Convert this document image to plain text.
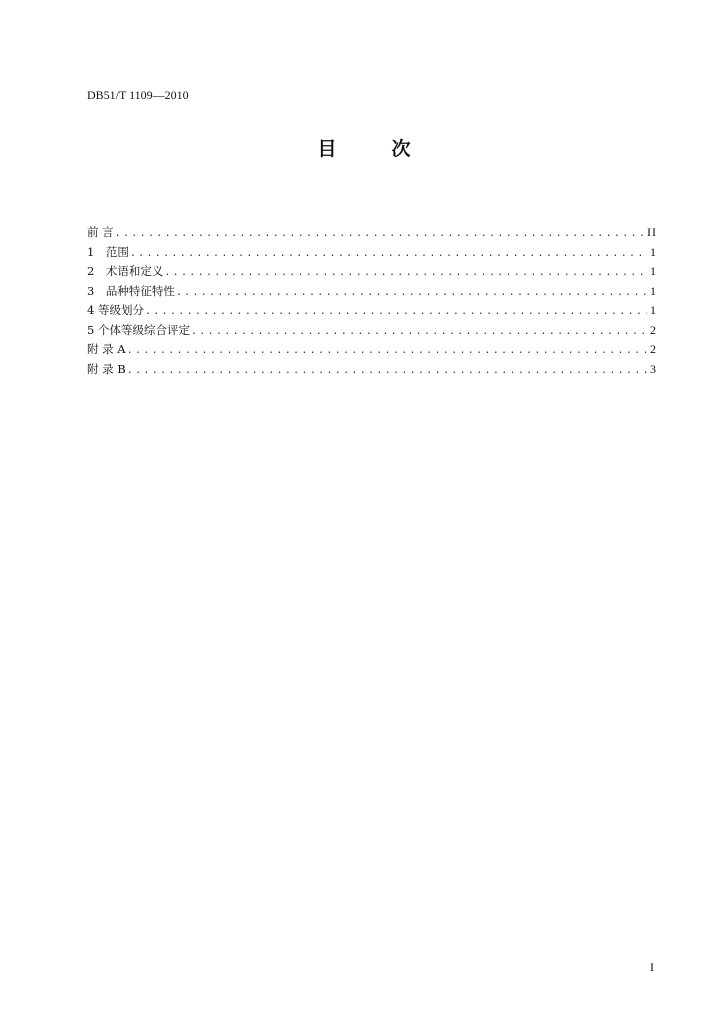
DB51/T 1109—2010
目　次
前 言 .....	II
1　范围 .....	1
2　术语和定义 .....	1
3　品种特征特性 .....	1
4 等级划分 .....	1
5 个体等级综合评定 .....	2
附 录 A .....	2
附 录 B .....	3
I
